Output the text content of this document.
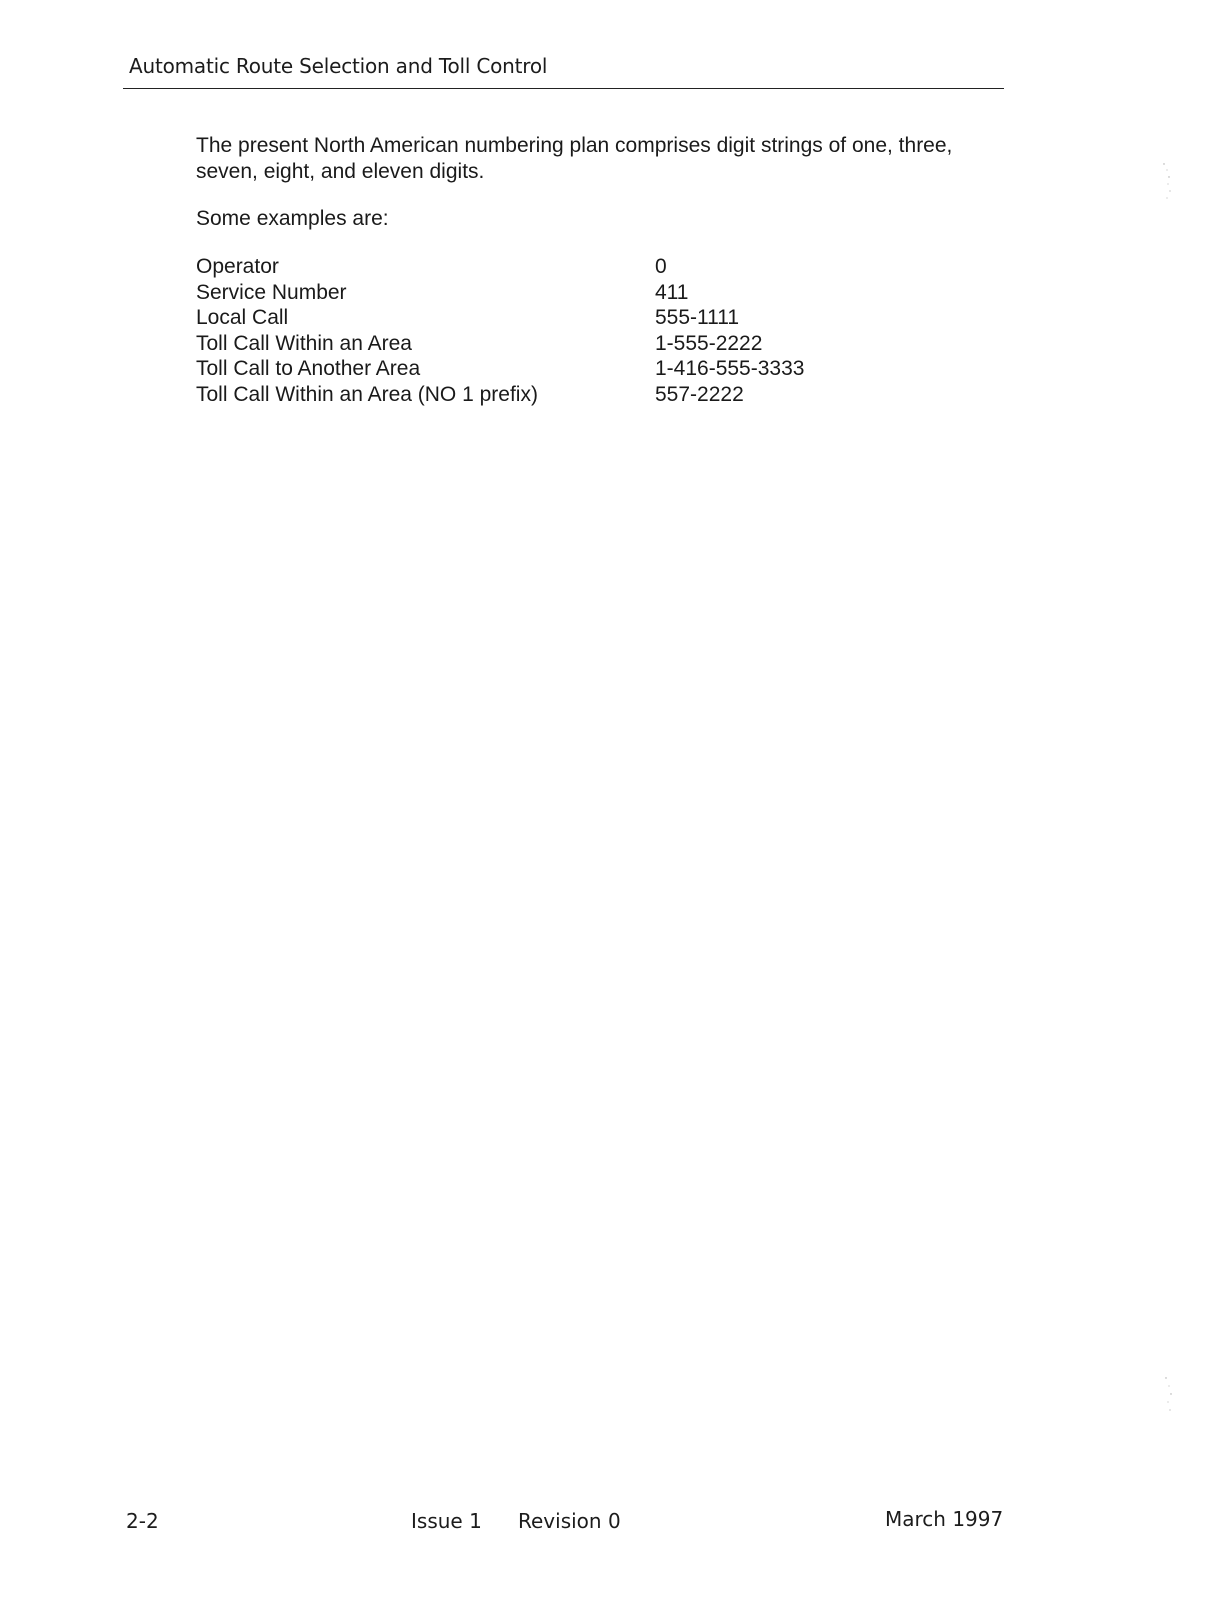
Automatic Route Selection and Toll Control

The present North American numbering plan comprises digit strings of one, three, seven, eight, and eleven digits.

Some examples are:

Operator	0
Service Number	411
Local Call	555-1111
Toll Call Within an Area	1-555-2222
Toll Call to Another Area	1-416-555-3333
Toll Call Within an Area (NO 1 prefix)	557-2222
2-2	Issue 1 Revision 0	March 1997
